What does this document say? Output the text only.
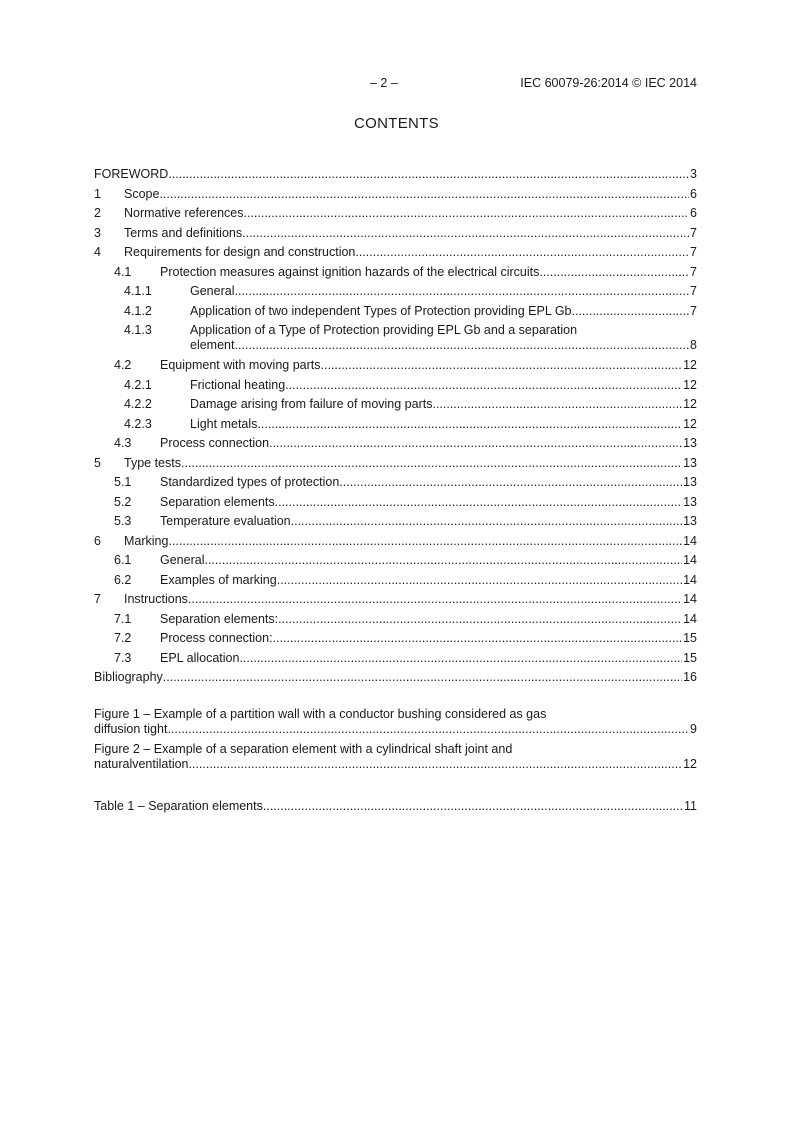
– 2 –	IEC 60079-26:2014 © IEC 2014
CONTENTS
FOREWORD .....	3
1 Scope .....	6
2 Normative references .....	6
3 Terms and definitions .....	7
4 Requirements for design and construction .....	7
4.1 Protection measures against ignition hazards of the electrical circuits .....	7
4.1.1	General .....	7
4.1.2	Application of two independent Types of Protection providing EPL Gb .....	7
4.1.3	Application of a Type of Protection providing EPL Gb and a separation
element .....	8
4.2 Equipment with moving parts .....	12
4.2.1	Frictional heating .....	12
4.2.2	Damage arising from failure of moving parts .....	12
4.2.3	Light metals .....	12
4.3 Process connection .....	13
5 Type tests .....	13
5.1 Standardized types of protection .....	13
5.2 Separation elements .....	13
5.3 Temperature evaluation .....	13
6 Marking .....	14
6.1 General .....	14
6.2 Examples of marking .....	14
7 Instructions .....	14
7.1 Separation elements: .....	14
7.2 Process connection: .....	15
7.3 EPL allocation .....	15
Bibliography .....	16
Figure 1 – Example of a partition wall with a conductor bushing considered as gas
diffusion tight .....	9
Figure 2 – Example of a separation element with a cylindrical shaft joint and
naturalventilation .....	12
Table 1 – Separation elements .....	11
